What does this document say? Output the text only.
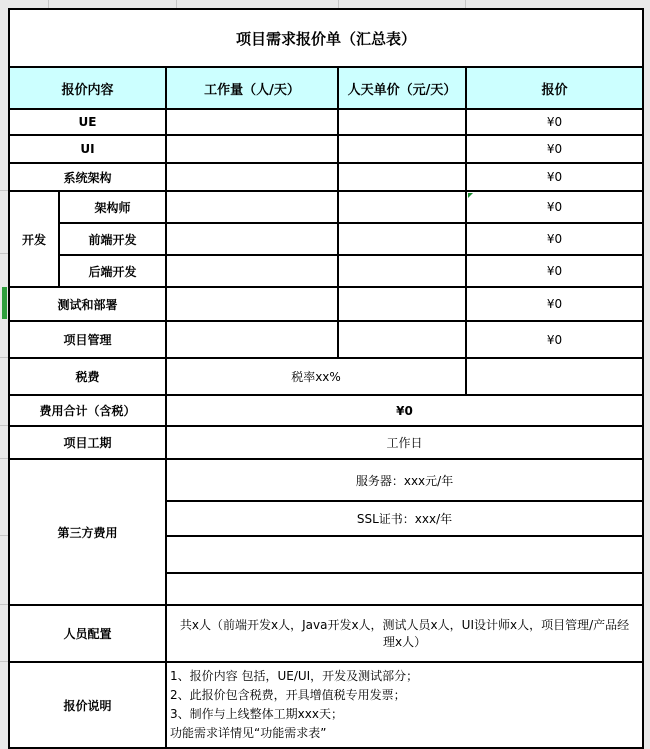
项目需求报价单（汇总表）				
报价内容		工作量（人/天）	人天单价（元/天）	报价
UE				¥0
UI				¥0
系统架构				¥0
开发	架构师			¥0
	前端开发			¥0
	后端开发			¥0
测试和部署				¥0
项目管理				¥0
税费		税率xx%		
费用合计（含税）		¥0		
项目工期		工作日		
第三方费用		服务器：xxx元/年		
		SSL证书：xxx/年		

人员配置		共x人（前端开发x人，Java开发x人，测试人员x人，UI设计师x人，项目管理/产品经理x人）		
报价说明		1、报价内容 包括，UE/UI，开发及测试部分；
2、此报价包含税费，开具增值税专用发票；
3、制作与上线整体工期xxx天；
功能需求详情见“功能需求表”		
